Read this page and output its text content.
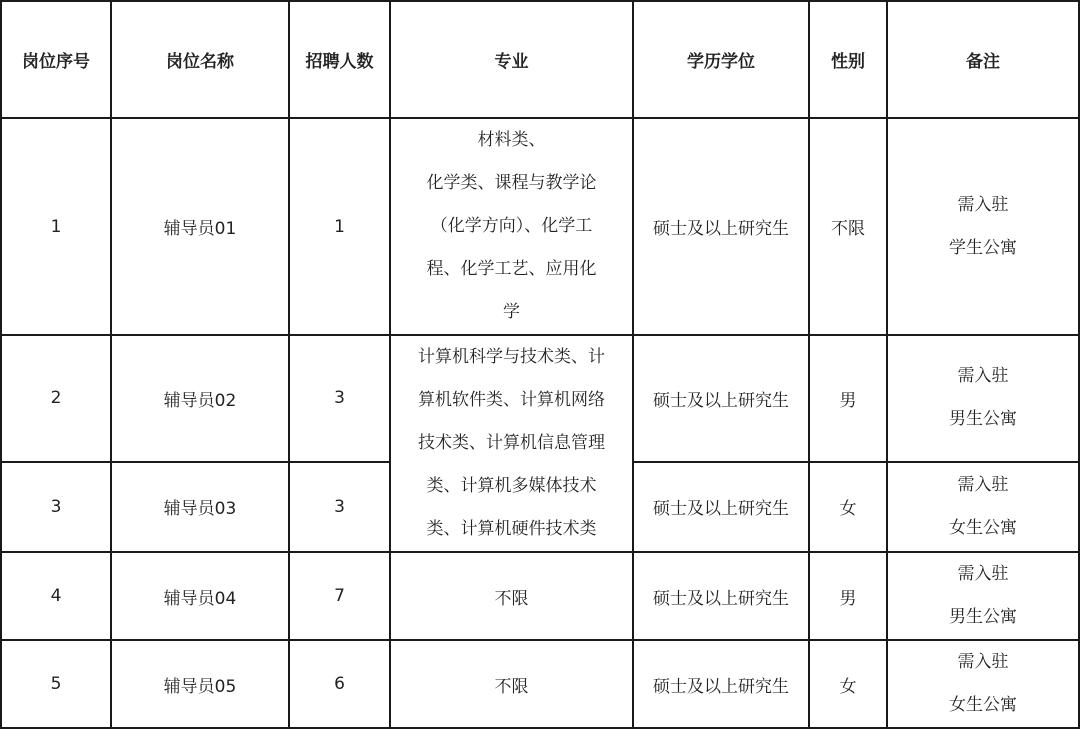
岗位序号	岗位名称	招聘人数	专业	学历学位	性别	备注
1	辅导员01	1	材料类、
化学类、课程与教学论
（化学方向）、化学工
程、化学工艺、应用化
学	硕士及以上研究生	不限	需入驻
学生公寓

2	辅导员02	3	计算机科学与技术类、计
算机软件类、计算机网络
技术类、计算机信息管理
类、计算机多媒体技术
类、计算机硬件技术类	硕士及以上研究生	男	需入驻
男生公寓

3	辅导员03	3		硕士及以上研究生	女	需入驻
女生公寓

4	辅导员04	7	不限	硕士及以上研究生	男	需入驻
男生公寓

5	辅导员05	6	不限	硕士及以上研究生	女	需入驻
女生公寓
